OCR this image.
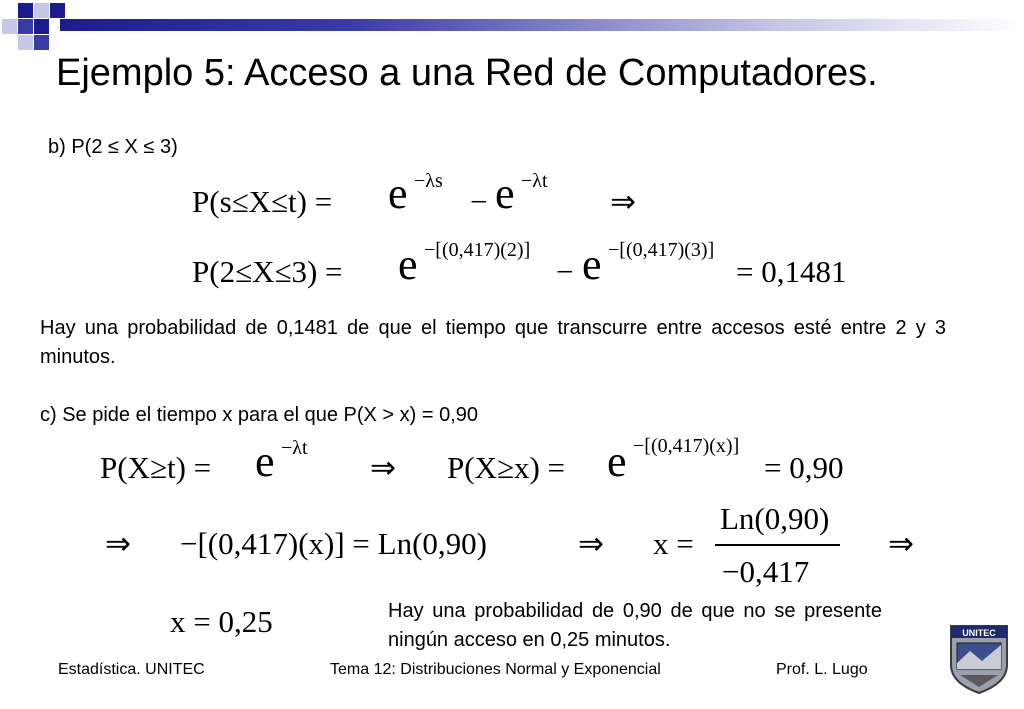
Ejemplo 5: Acceso a una Red de Computadores.
b) P(2 ≤ X ≤ 3)
P(s≤X≤t) = e −λs
− e −λt
⇒
P(2≤X≤3) = e −[(0,417)(2)]
− e −[(0,417)(3)]
= 0,1481
Hay una probabilidad de 0,1481 de que el tiempo que transcurre entre accesos esté entre 2 y 3 minutos.
c) Se pide el tiempo x para el que P(X > x) = 0,90
P(X≥t) = e −λt
⇒ P(X≥x) = e −[(0,417)(x)]
= 0,90
⇒ −[(0,417)(x)] = Ln(0,90)	⇒ x =
Ln(0,90)
−0,417
⇒
x = 0,25	Hay una probabilidad de 0,90 de que no se presente ningún acceso en 0,25 minutos.
Estadística. UNITEC	Tema 12: Distribuciones Normal y Exponencial	Prof. L. Lugo
UNITEC
